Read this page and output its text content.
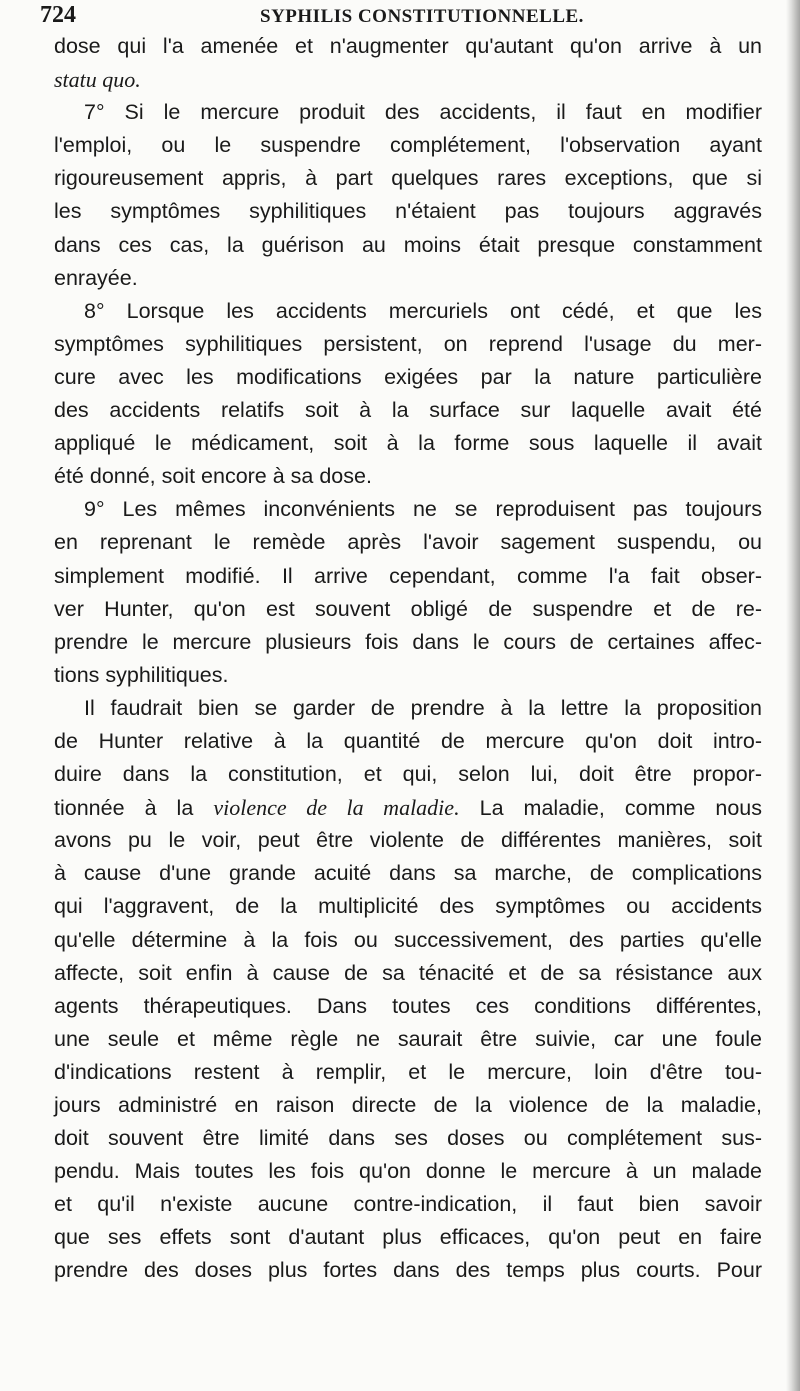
724	SYPHILIS CONSTITUTIONNELLE.
dose qui l'a amenée et n'augmenter qu'autant qu'on arrive à un
statu quo.
7° Si le mercure produit des accidents, il faut en modifier
l'emploi, ou le suspendre complétement, l'observation ayant
rigoureusement appris, à part quelques rares exceptions, que si
les symptômes syphilitiques n'étaient pas toujours aggravés
dans ces cas, la guérison au moins était presque constamment
enrayée.
8° Lorsque les accidents mercuriels ont cédé, et que les
symptômes syphilitiques persistent, on reprend l'usage du mer-
cure avec les modifications exigées par la nature particulière
des accidents relatifs soit à la surface sur laquelle avait été
appliqué le médicament, soit à la forme sous laquelle il avait
été donné, soit encore à sa dose.
9° Les mêmes inconvénients ne se reproduisent pas toujours
en reprenant le remède après l'avoir sagement suspendu, ou
simplement modifié. Il arrive cependant, comme l'a fait obser-
ver Hunter, qu'on est souvent obligé de suspendre et de re-
prendre le mercure plusieurs fois dans le cours de certaines affec-
tions syphilitiques.
Il faudrait bien se garder de prendre à la lettre la proposition
de Hunter relative à la quantité de mercure qu'on doit intro-
duire dans la constitution, et qui, selon lui, doit être propor-
tionnée à la violence de la maladie. La maladie, comme nous
avons pu le voir, peut être violente de différentes manières, soit
à cause d'une grande acuité dans sa marche, de complications
qui l'aggravent, de la multiplicité des symptômes ou accidents
qu'elle détermine à la fois ou successivement, des parties qu'elle
affecte, soit enfin à cause de sa ténacité et de sa résistance aux
agents thérapeutiques. Dans toutes ces conditions différentes,
une seule et même règle ne saurait être suivie, car une foule
d'indications restent à remplir, et le mercure, loin d'être tou-
jours administré en raison directe de la violence de la maladie,
doit souvent être limité dans ses doses ou complétement sus-
pendu. Mais toutes les fois qu'on donne le mercure à un malade
et qu'il n'existe aucune contre-indication, il faut bien savoir
que ses effets sont d'autant plus efficaces, qu'on peut en faire
prendre des doses plus fortes dans des temps plus courts. Pour
